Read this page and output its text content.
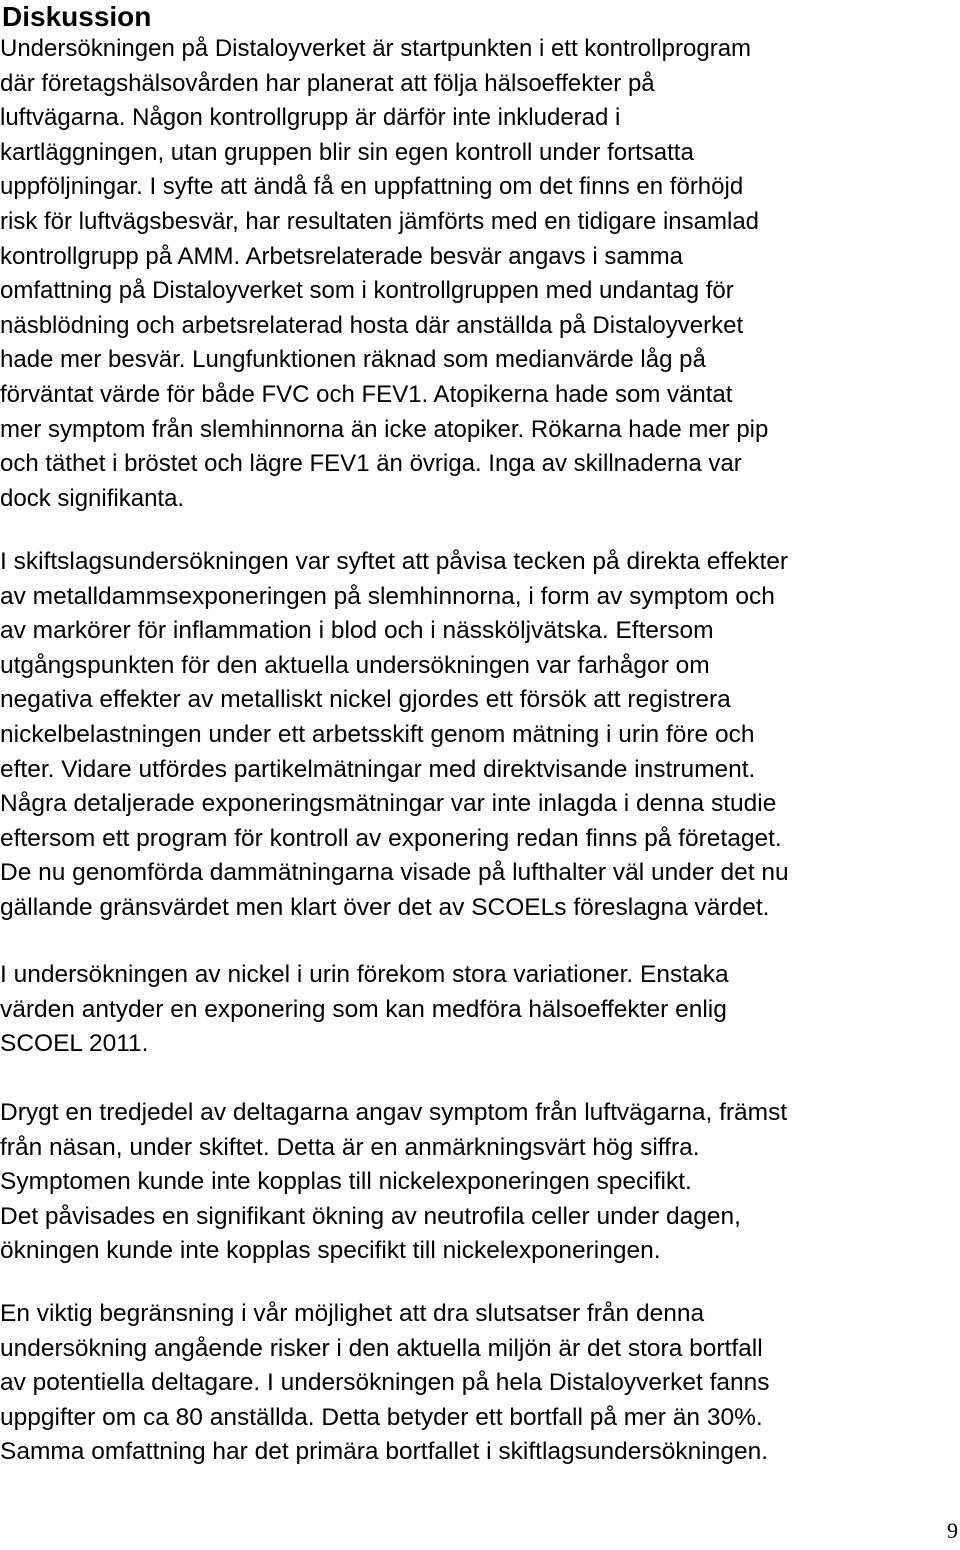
Diskussion
Undersökningen på Distaloyverket är startpunkten i ett kontrollprogram
där företagshälsovården har planerat att följa hälsoeffekter på
luftvägarna. Någon kontrollgrupp är därför inte inkluderad i
kartläggningen, utan gruppen blir sin egen kontroll under fortsatta
uppföljningar. I syfte att ändå få en uppfattning om det finns en förhöjd
risk för luftvägsbesvär, har resultaten jämförts med en tidigare insamlad
kontrollgrupp på AMM. Arbetsrelaterade besvär angavs i samma
omfattning på Distaloyverket som i kontrollgruppen med undantag för
näsblödning och arbetsrelaterad hosta där anställda på Distaloyverket
hade mer besvär. Lungfunktionen räknad som medianvärde låg på
förväntat värde för både FVC och FEV1. Atopikerna hade som väntat
mer symptom från slemhinnorna än icke atopiker. Rökarna hade mer pip
och täthet i bröstet och lägre FEV1 än övriga. Inga av skillnaderna var
dock signifikanta.
I skiftslagsundersökningen var syftet att påvisa tecken på direkta effekter
av metalldammsexponeringen på slemhinnorna, i form av symptom och
av markörer för inflammation i blod och i nässköljvätska. Eftersom
utgångspunkten för den aktuella undersökningen var farhågor om
negativa effekter av metalliskt nickel gjordes ett försök att registrera
nickelbelastningen under ett arbetsskift genom mätning i urin före och
efter. Vidare utfördes partikelmätningar med direktvisande instrument.
Några detaljerade exponeringsmätningar var inte inlagda i denna studie
eftersom ett program för kontroll av exponering redan finns på företaget.
De nu genomförda dammätningarna visade på lufthalter väl under det nu
gällande gränsvärdet men klart över det av SCOELs föreslagna värdet.
I undersökningen av nickel i urin förekom stora variationer. Enstaka
värden antyder en exponering som kan medföra hälsoeffekter enlig
SCOEL 2011.
Drygt en tredjedel av deltagarna angav symptom från luftvägarna, främst
från näsan, under skiftet. Detta är en anmärkningsvärt hög siffra.
Symptomen kunde inte kopplas till nickelexponeringen specifikt.
Det påvisades en signifikant ökning av neutrofila celler under dagen,
ökningen kunde inte kopplas specifikt till nickelexponeringen.
En viktig begränsning i vår möjlighet att dra slutsatser från denna
undersökning angående risker i den aktuella miljön är det stora bortfall
av potentiella deltagare. I undersökningen på hela Distaloyverket fanns
uppgifter om ca 80 anställda. Detta betyder ett bortfall på mer än 30%.
Samma omfattning har det primära bortfallet i skiftlagsundersökningen.
9
